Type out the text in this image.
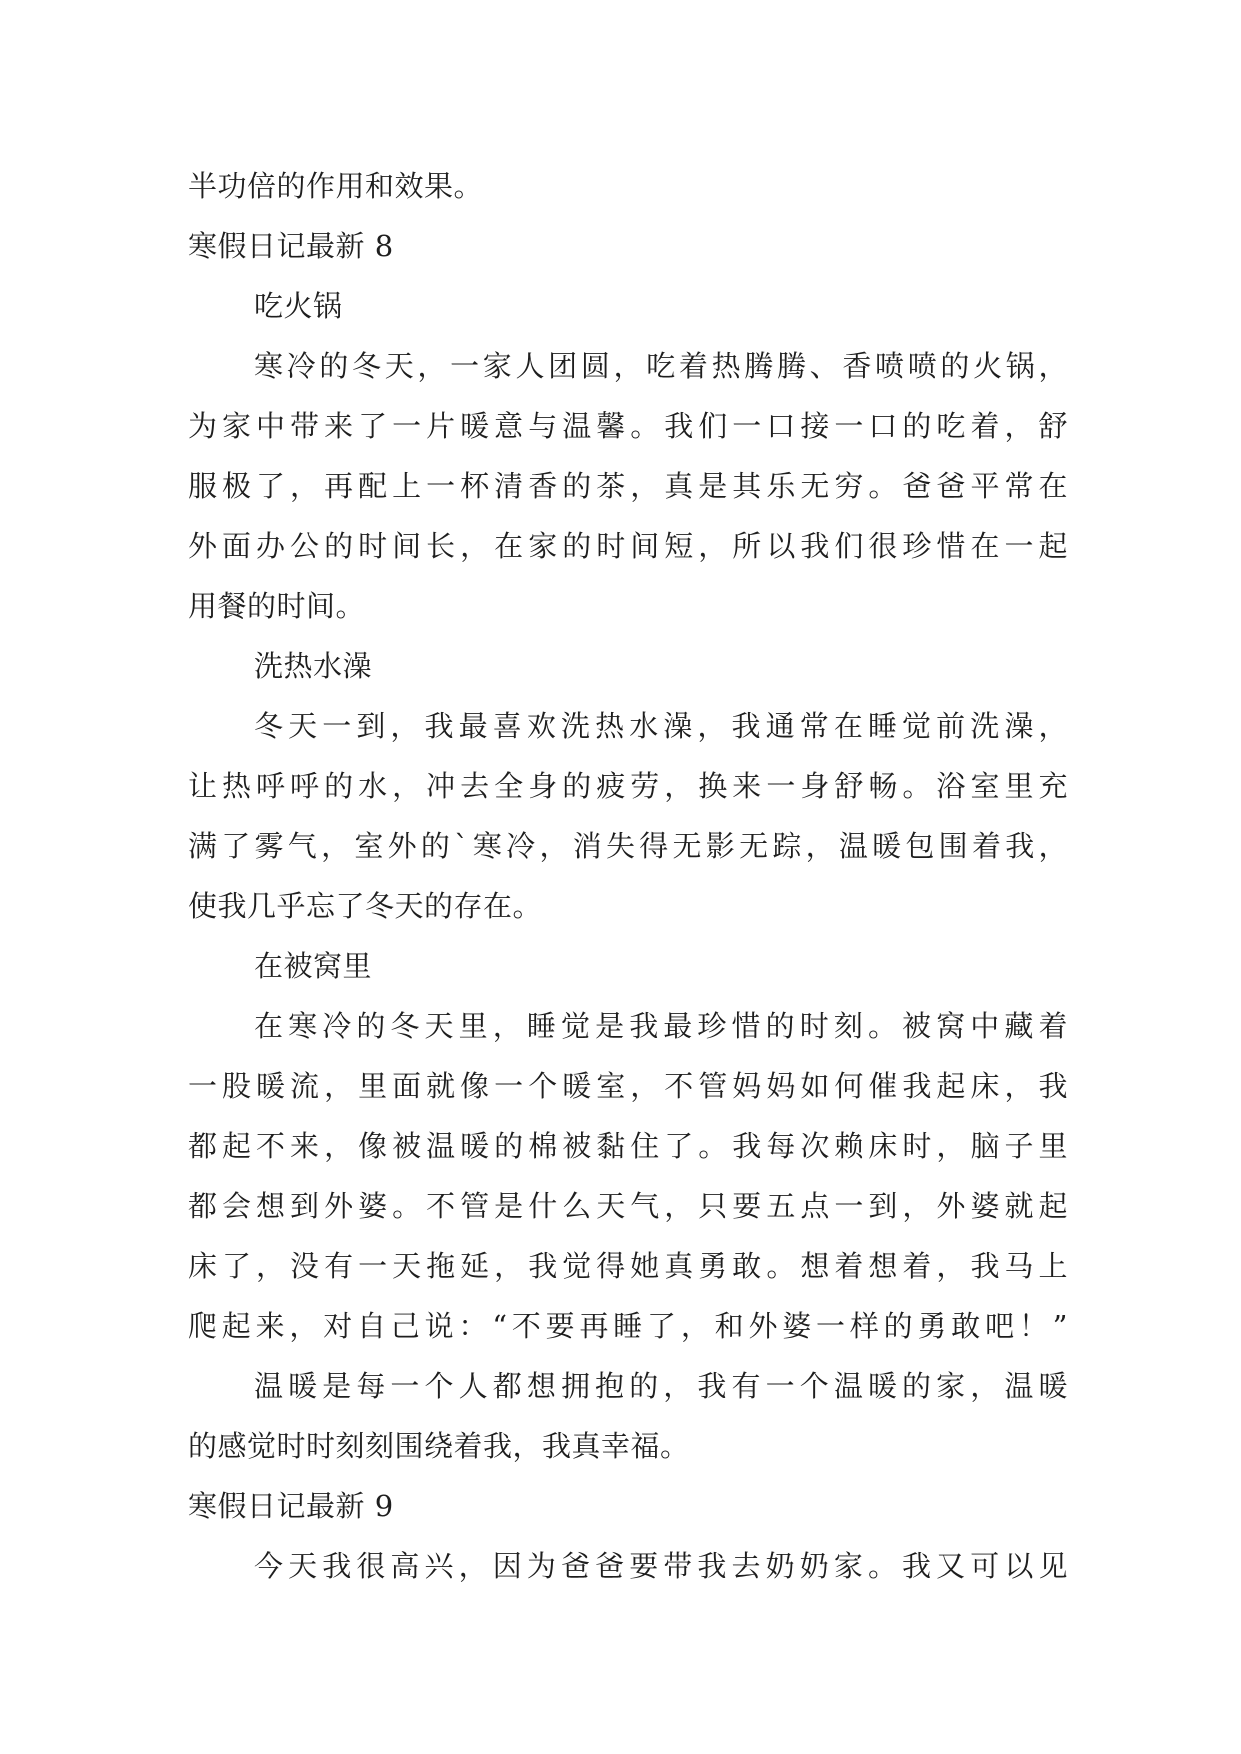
半功倍的作用和效果。
寒假日记最新 8
吃火锅
寒冷的冬天，一家人团圆，吃着热腾腾、香喷喷的火锅，
为家中带来了一片暖意与温馨。我们一口接一口的吃着，舒
服极了，再配上一杯清香的茶，真是其乐无穷。爸爸平常在
外面办公的时间长，在家的时间短，所以我们很珍惜在一起
用餐的时间。
洗热水澡
冬天一到，我最喜欢洗热水澡，我通常在睡觉前洗澡，
让热呼呼的水，冲去全身的疲劳，换来一身舒畅。浴室里充
满了雾气，室外的`寒冷，消失得无影无踪，温暖包围着我，
使我几乎忘了冬天的存在。
在被窝里
在寒冷的冬天里，睡觉是我最珍惜的时刻。被窝中藏着
一股暖流，里面就像一个暖室，不管妈妈如何催我起床，我
都起不来，像被温暖的棉被黏住了。我每次赖床时，脑子里
都会想到外婆。不管是什么天气，只要五点一到，外婆就起
床了，没有一天拖延，我觉得她真勇敢。想着想着，我马上
爬起来，对自己说：“不要再睡了，和外婆一样的勇敢吧！”
温暖是每一个人都想拥抱的，我有一个温暖的家，温暖
的感觉时时刻刻围绕着我，我真幸福。
寒假日记最新 9
今天我很高兴，因为爸爸要带我去奶奶家。我又可以见
